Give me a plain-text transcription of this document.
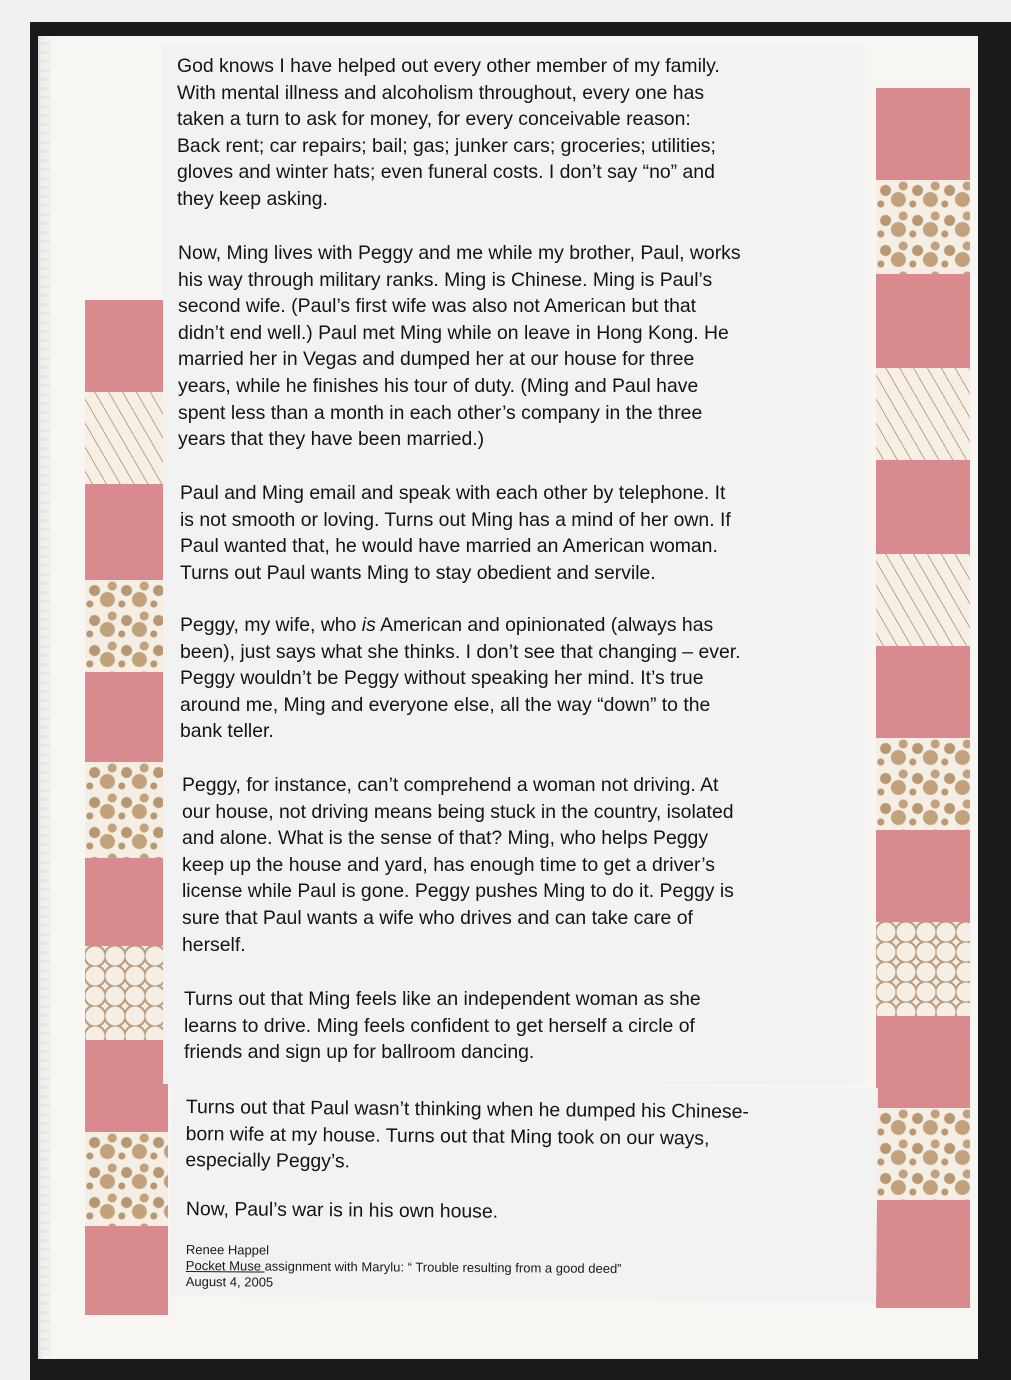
God knows I have helped out every other member of my family.
With mental illness and alcoholism throughout, every one has
taken a turn to ask for money, for every conceivable reason:
Back rent; car repairs; bail; gas; junker cars; groceries; utilities;
gloves and winter hats; even funeral costs. I don’t say “no” and
they keep asking.

Now, Ming lives with Peggy and me while my brother, Paul, works
his way through military ranks. Ming is Chinese. Ming is Paul’s
second wife. (Paul’s first wife was also not American but that
didn’t end well.) Paul met Ming while on leave in Hong Kong. He
married her in Vegas and dumped her at our house for three
years, while he finishes his tour of duty. (Ming and Paul have
spent less than a month in each other’s company in the three
years that they have been married.)

Paul and Ming email and speak with each other by telephone. It
is not smooth or loving. Turns out Ming has a mind of her own. If
Paul wanted that, he would have married an American woman.
Turns out Paul wants Ming to stay obedient and servile.

Peggy, my wife, who is American and opinionated (always has
been), just says what she thinks. I don’t see that changing – ever.
Peggy wouldn’t be Peggy without speaking her mind. It’s true
around me, Ming and everyone else, all the way “down” to the
bank teller.

Peggy, for instance, can’t comprehend a woman not driving. At
our house, not driving means being stuck in the country, isolated
and alone. What is the sense of that? Ming, who helps Peggy
keep up the house and yard, has enough time to get a driver’s
license while Paul is gone. Peggy pushes Ming to do it. Peggy is
sure that Paul wants a wife who drives and can take care of
herself.

Turns out that Ming feels like an independent woman as she
learns to drive. Ming feels confident to get herself a circle of
friends and sign up for ballroom dancing.

Turns out that Paul wasn’t thinking when he dumped his Chinese-
born wife at my house. Turns out that Ming took on our ways,
especially Peggy’s.

Now, Paul’s war is in his own house.

Renee Happel
Pocket Muse assignment with Marylu: “ Trouble resulting from a good deed”
August 4, 2005
